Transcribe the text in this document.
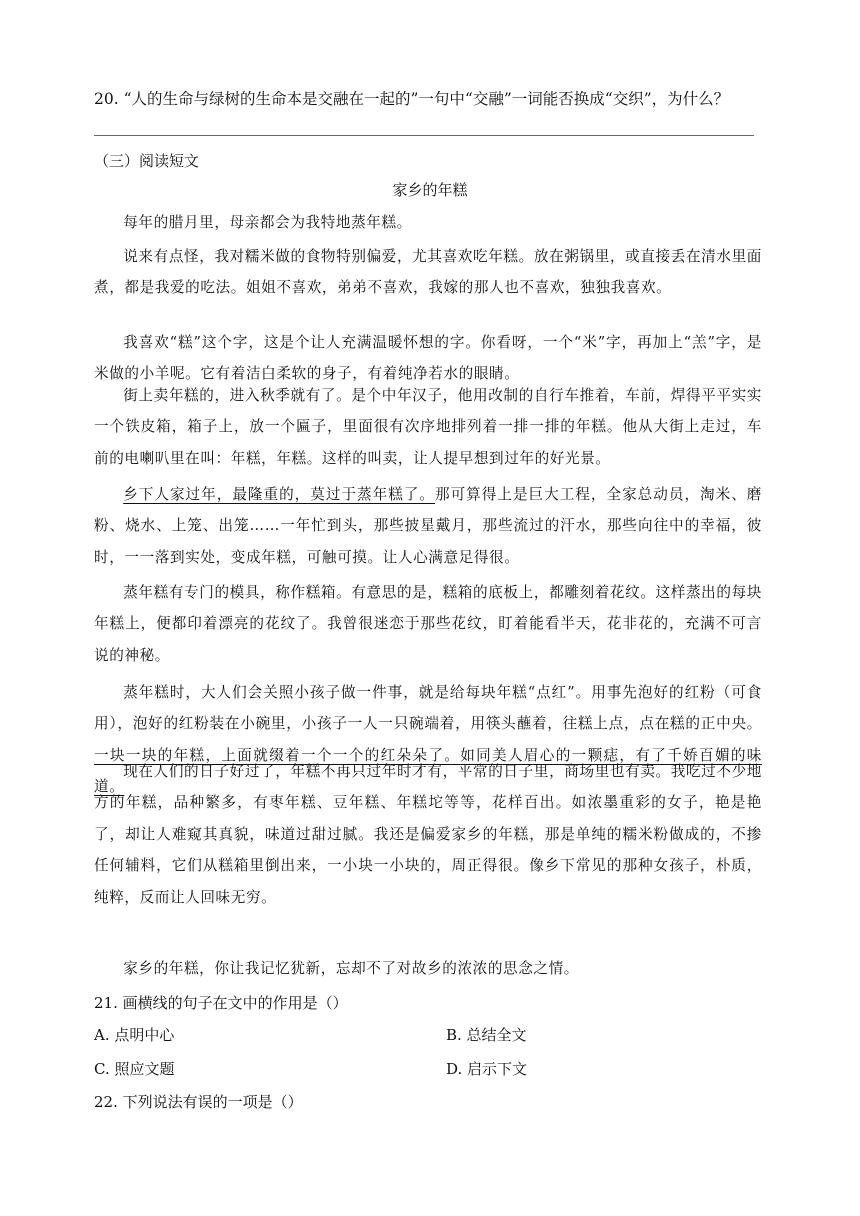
20. “人的生命与绿树的生命本是交融在一起的”一句中“交融”一词能否换成“交织”，为什么？
（三）阅读短文
家乡的年糕
每年的腊月里，母亲都会为我特地蒸年糕。
说来有点怪，我对糯米做的食物特别偏爱，尤其喜欢吃年糕。放在粥锅里，或直接丢在清水里面煮，都是我爱的吃法。姐姐不喜欢，弟弟不喜欢，我嫁的那人也不喜欢，独独我喜欢。
我喜欢“糕”这个字，这是个让人充满温暖怀想的字。你看呀，一个“米”字，再加上“羔”字，是米做的小羊呢。它有着洁白柔软的身子，有着纯净若水的眼睛。
街上卖年糕的，进入秋季就有了。是个中年汉子，他用改制的自行车推着，车前，焊得平平实实一个铁皮箱，箱子上，放一个匾子，里面很有次序地排列着一排一排的年糕。他从大街上走过，车前的电喇叭里在叫：年糕，年糕。这样的叫卖，让人提早想到过年的好光景。
乡下人家过年，最隆重的，莫过于蒸年糕了。那可算得上是巨大工程，全家总动员，淘米、磨粉、烧水、上笼、出笼……一年忙到头，那些披星戴月，那些流过的汗水，那些向往中的幸福，彼时，一一落到实处，变成年糕，可触可摸。让人心满意足得很。
蒸年糕有专门的模具，称作糕箱。有意思的是，糕箱的底板上，都雕刻着花纹。这样蒸出的每块年糕上，便都印着漂亮的花纹了。我曾很迷恋于那些花纹，盯着能看半天，花非花的，充满不可言说的神秘。
蒸年糕时，大人们会关照小孩子做一件事，就是给每块年糕“点红”。用事先泡好的红粉（可食用），泡好的红粉装在小碗里，小孩子一人一只碗端着，用筷头蘸着，往糕上点，点在糕的正中央。一块一块的年糕，上面就缀着一个一个的红朵朵了。如同美人眉心的一颗痣，有了千娇百媚的味道。
现在人们的日子好过了，年糕不再只过年时才有，平常的日子里，商场里也有卖。我吃过不少地方的年糕，品种繁多，有枣年糕、豆年糕、年糕坨等等，花样百出。如浓墨重彩的女子，艳是艳了，却让人难窥其真貌，味道过甜过腻。我还是偏爱家乡的年糕，那是单纯的糯米粉做成的，不掺任何辅料，它们从糕箱里倒出来，一小块一小块的，周正得很。像乡下常见的那种女孩子，朴质，纯粹，反而让人回味无穷。
家乡的年糕，你让我记忆犹新，忘却不了对故乡的浓浓的思念之情。
21. 画横线的句子在文中的作用是（）
A. 点明中心	B. 总结全文
C. 照应文题	D. 启示下文
22. 下列说法有误的一项是（）
